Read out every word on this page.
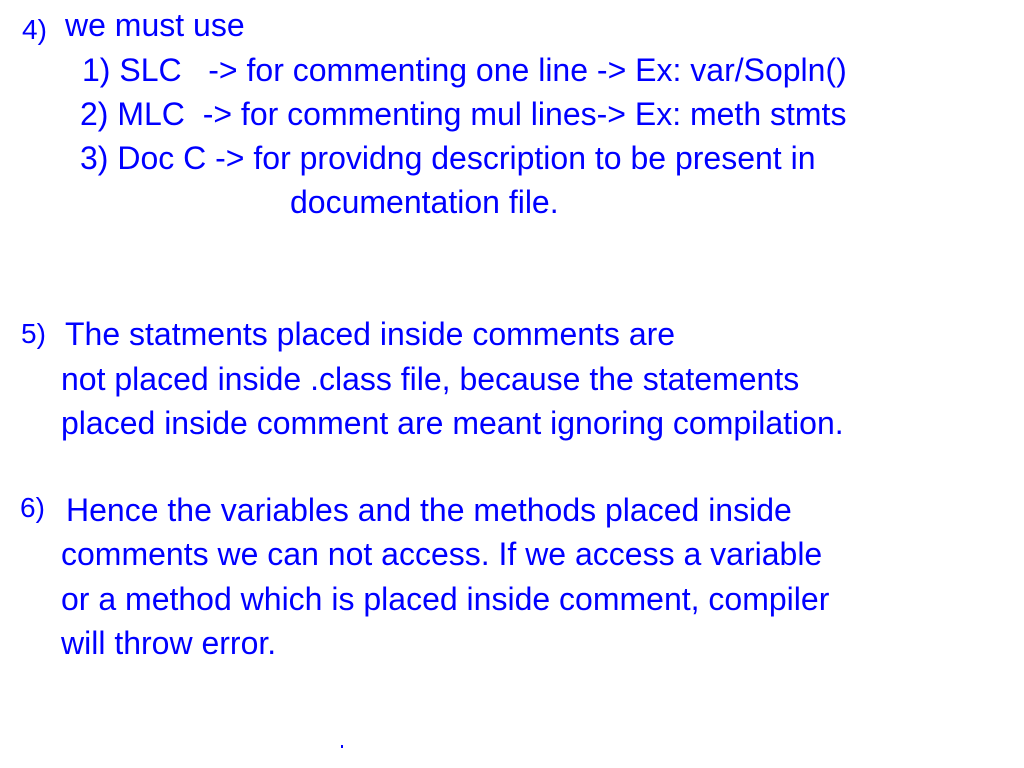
4) we must use
1) SLC   -> for commenting one line -> Ex: var/Sopln()
2) MLC  -> for commenting mul lines-> Ex: meth stmts
3) Doc C -> for providng description to be present in
documentation file.
5) The statments placed inside comments are
not placed inside .class file, because the statements
placed inside comment are meant ignoring compilation.
6) Hence the variables and the methods placed inside
comments we can not access. If we access a variable
or a method which is placed inside comment, compiler
will throw error.
